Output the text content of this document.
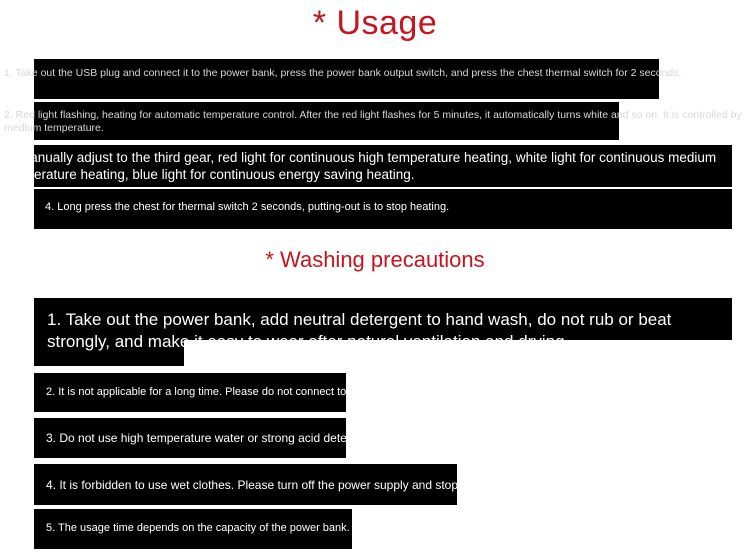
* Usage
1. Take out the USB plug and connect it to the power bank, press the power bank output switch, and press the chest thermal switch for 2 seconds.
2. Red light flashing, heating for automatic temperature control. After the red light flashes for 5 minutes, it automatically turns white and so on. It is controlled by medium temperature.
3. Manually adjust to the third gear, red light for continuous high temperature heating, white light for continuous medium temperature heating, blue light for continuous energy saving heating.
4. Long press the chest for thermal switch 2 seconds, putting-out is to stop heating.
* Washing precautions
1. Take out the power bank, add neutral detergent to hand wash, do not rub or beat strongly, and make it easy to wear after natural ventilation and drying.
2. It is not applicable for a long time. Please do not connect to power bank.
3. Do not use high temperature water or strong acid detergent.
4. It is forbidden to use wet clothes. Please turn off the power supply and stop using it when getting wet and warm.
5. The usage time depends on the capacity of the power bank.
